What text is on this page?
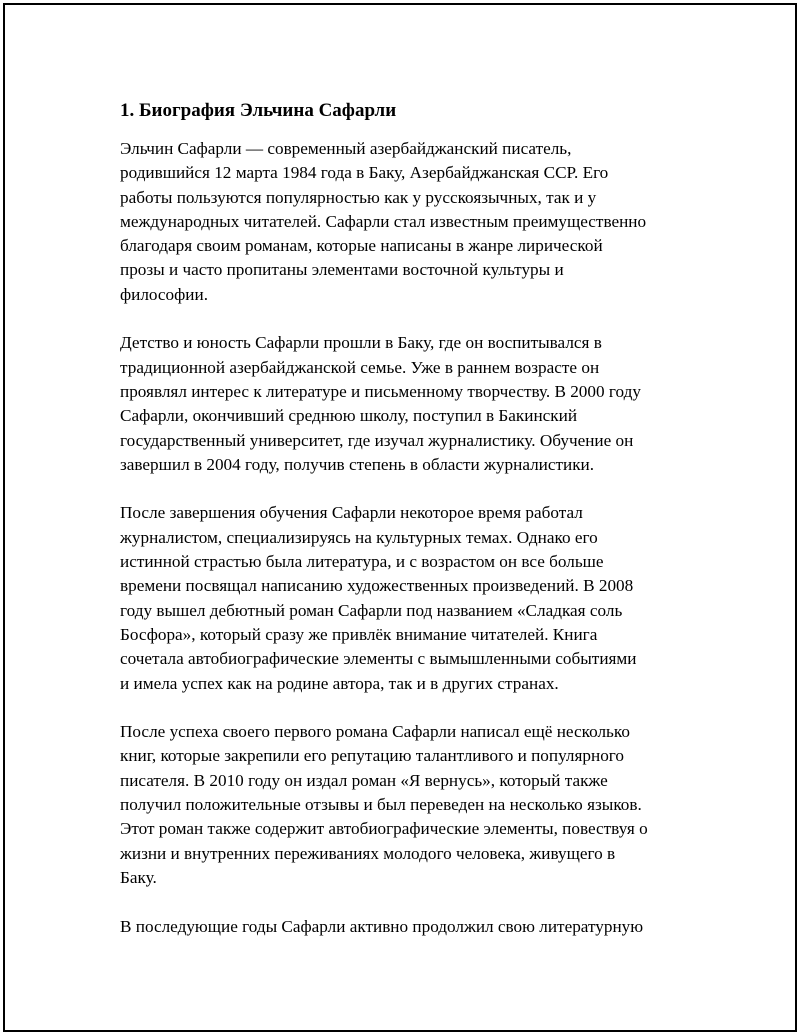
1. Биография Эльчина Сафарли

Эльчин Сафарли — современный азербайджанский писатель,
родившийся 12 марта 1984 года в Баку, Азербайджанская ССР. Его
работы пользуются популярностью как у русскоязычных, так и у
международных читателей. Сафарли стал известным преимущественно
благодаря своим романам, которые написаны в жанре лирической
прозы и часто пропитаны элементами восточной культуры и
философии.

Детство и юность Сафарли прошли в Баку, где он воспитывался в
традиционной азербайджанской семье. Уже в раннем возрасте он
проявлял интерес к литературе и письменному творчеству. В 2000 году
Сафарли, окончивший среднюю школу, поступил в Бакинский
государственный университет, где изучал журналистику. Обучение он
завершил в 2004 году, получив степень в области журналистики.

После завершения обучения Сафарли некоторое время работал
журналистом, специализируясь на культурных темах. Однако его
истинной страстью была литература, и с возрастом он все больше
времени посвящал написанию художественных произведений. В 2008
году вышел дебютный роман Сафарли под названием «Сладкая соль
Босфора», который сразу же привлёк внимание читателей. Книга
сочетала автобиографические элементы с вымышленными событиями
и имела успех как на родине автора, так и в других странах.

После успеха своего первого романа Сафарли написал ещё несколько
книг, которые закрепили его репутацию талантливого и популярного
писателя. В 2010 году он издал роман «Я вернусь», который также
получил положительные отзывы и был переведен на несколько языков.
Этот роман также содержит автобиографические элементы, повествуя о
жизни и внутренних переживаниях молодого человека, живущего в
Баку.

В последующие годы Сафарли активно продолжил свою литературную
